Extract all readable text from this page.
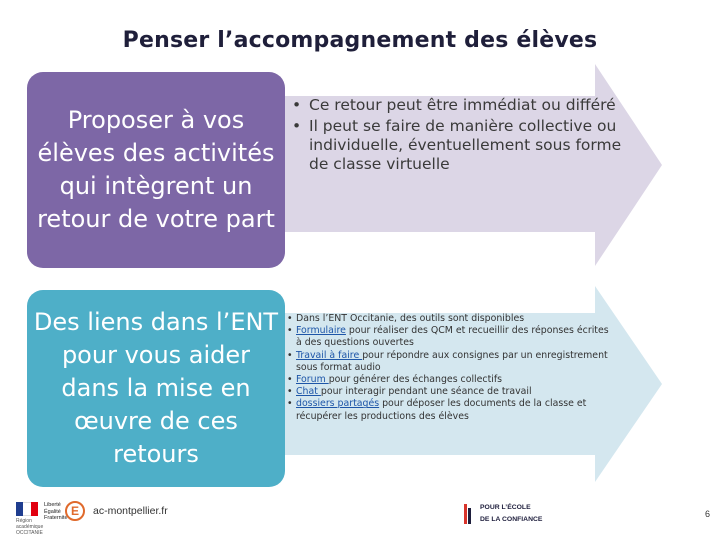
Penser l’accompagnement des élèves
Proposer à vos élèves des activités qui intègrent un retour de votre part
• Ce retour peut être immédiat ou différé
• Il peut se faire de manière collective ou individuelle, éventuellement sous forme de classe virtuelle
Des liens dans l’ENT pour vous aider dans la mise en œuvre de ces retours
• Dans l’ENT Occitanie, des outils sont disponibles
• Formulaire pour réaliser des QCM et recueillir des réponses écrites à des questions ouvertes
• Travail à faire pour répondre aux consignes par un enregistrement sous format audio
• Forum pour générer des échanges collectifs
• Chat pour interagir pendant une séance de travail
• dossiers partagés pour déposer les documents de la classe et récupérer les productions des élèves
Région académique OCCITANIE
Liberté
Égalité
Fraternité E ac-montpellier.fr	POUR L’ÉCOLE
DE LA CONFIANCE
6
